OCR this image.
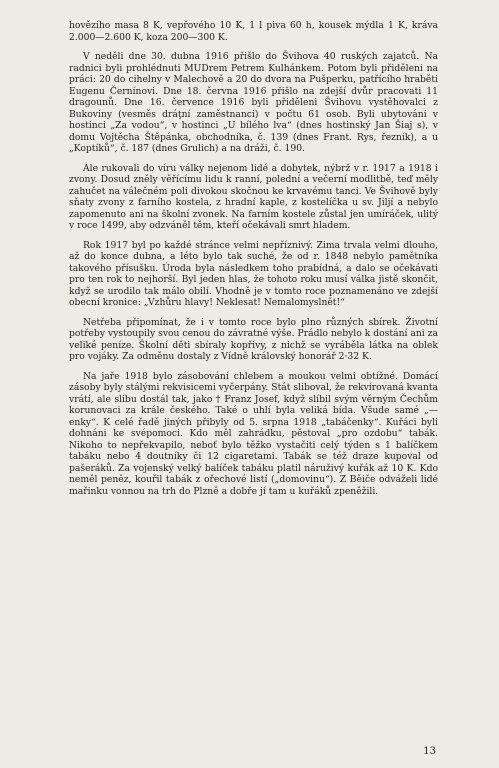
hovězího masa 8 K, vepřového 10 K, 1 l piva 60 h, kousek mýdla 1 K, kráva 2.000—2.600 K, koza 200—300 K.

V neděli dne 30. dubna 1916 přišlo do Švihova 40 ruských zajatců. Na radnici byli prohlédnuti MUDrem Petrem Kulhánkem. Potom byli přiděleni na práci: 20 do cihelny v Malechově a 20 do dvora na Pušperku, patřícího hraběti Eugenu Černínovi. Dne 18. června 1916 přišlo na zdejší dvůr pracovati 11 dragounů. Dne 16. července 1916 byli přiděleni Švihovu vystěhovalci z Bukoviny (vesměs dráţní zaměstnanci) v počtu 61 osob. Byli ubytováni v hostinci „Za vodou“, v hostinci „U bílého lva“ (dnes hostinský Jan Šiaj s), v domu Vojtěcha Štěpánka, obchodníka, č. 139 (dnes Frant. Rys, řezník), a u „Koptíků“, č. 187 (dnes Grulich) a na dráži, č. 190.

Ale rukovali do víru války nejenom lidé a dobytek, nýbrž v r. 1917 a 1918 i zvony. Dosud zněly věřícímu lidu k ranní, polední a večerní modlitbě, teď měly zahučet na válečném poli divokou skočnou ke krvavému tanci. Ve Švihově byly sňaty zvony z farního kostela, z hradní kaple, z kostelíčka u sv. Jiljí a nebylo zapomenuto ani na školní zvonek. Na farním kostele zůstal jen umíráček, ulitý v roce 1499, aby odzváněl těm, kteří očekávali smrt hladem.

Rok 1917 byl po každé stránce velmi nepříznivý. Zima trvala velmi dlouho, až do konce dubna, a léto bylo tak suché, že od r. 1848 nebylo pamětníka takového přísušku. Úroda byla následkem toho prabídná, a dalo se očekávati pro ten rok to nejhorší. Byl jeden hlas, že tohoto roku musí válka jistě skončit, když se urodilo tak málo obilí. Vhodně je v tomto roce poznamenáno ve zdejší obecní kronice: „Vzhůru hlavy! Neklesat! Nemalomyslnět!“

Netřeba připomínat, že i v tomto roce bylo plno různých sbírek. Životní potřeby vystoupily svou cenou do závratné výše. Prádlo nebylo k dostání ani za veliké peníze. Školní děti sbíraly kopřivy, z nichž se vyráběla látka na oblek pro vojáky. Za odměnu dostaly z Vídně královský honorář 2·32 K.

Na jaře 1918 bylo zásobování chlebem a moukou velmi obtížné. Domácí zásoby byly stálými rekvisicemi vyčerpány. Stát sliboval, že rekvírovaná kvanta vrátí, ale slibu dostál tak, jako † Franz Josef, když slíbil svým věrným Čechům korunovaci za krále českého. Také o uhlí byla veliká bída. Všude samé „—enky“. K celé řadě jiných přibyly od 5. srpna 1918 „tabáčenky“. Kuřáci byli dohnáni ke svépomoci. Kdo měl zahrádku, pěstoval „pro ozdobu“ tabák. Nikoho to nepřekvapilo, neboť bylo těžko vystačiti celý týden s 1 balíčkem tabáku nebo 4 doutníky či 12 cigaretami. Tabák se též draze kupoval od pašeráků. Za vojenský velký balíček tabáku platil náruživý kuřák až 10 K. Kdo neměl peněz, kouřil tabák z ořechové listí („domovinu“). Z Běiče odváželi lidé mařinku vonnou na trh do Plzně a dobře jí tam u kuřáků zpeněžili.

13
